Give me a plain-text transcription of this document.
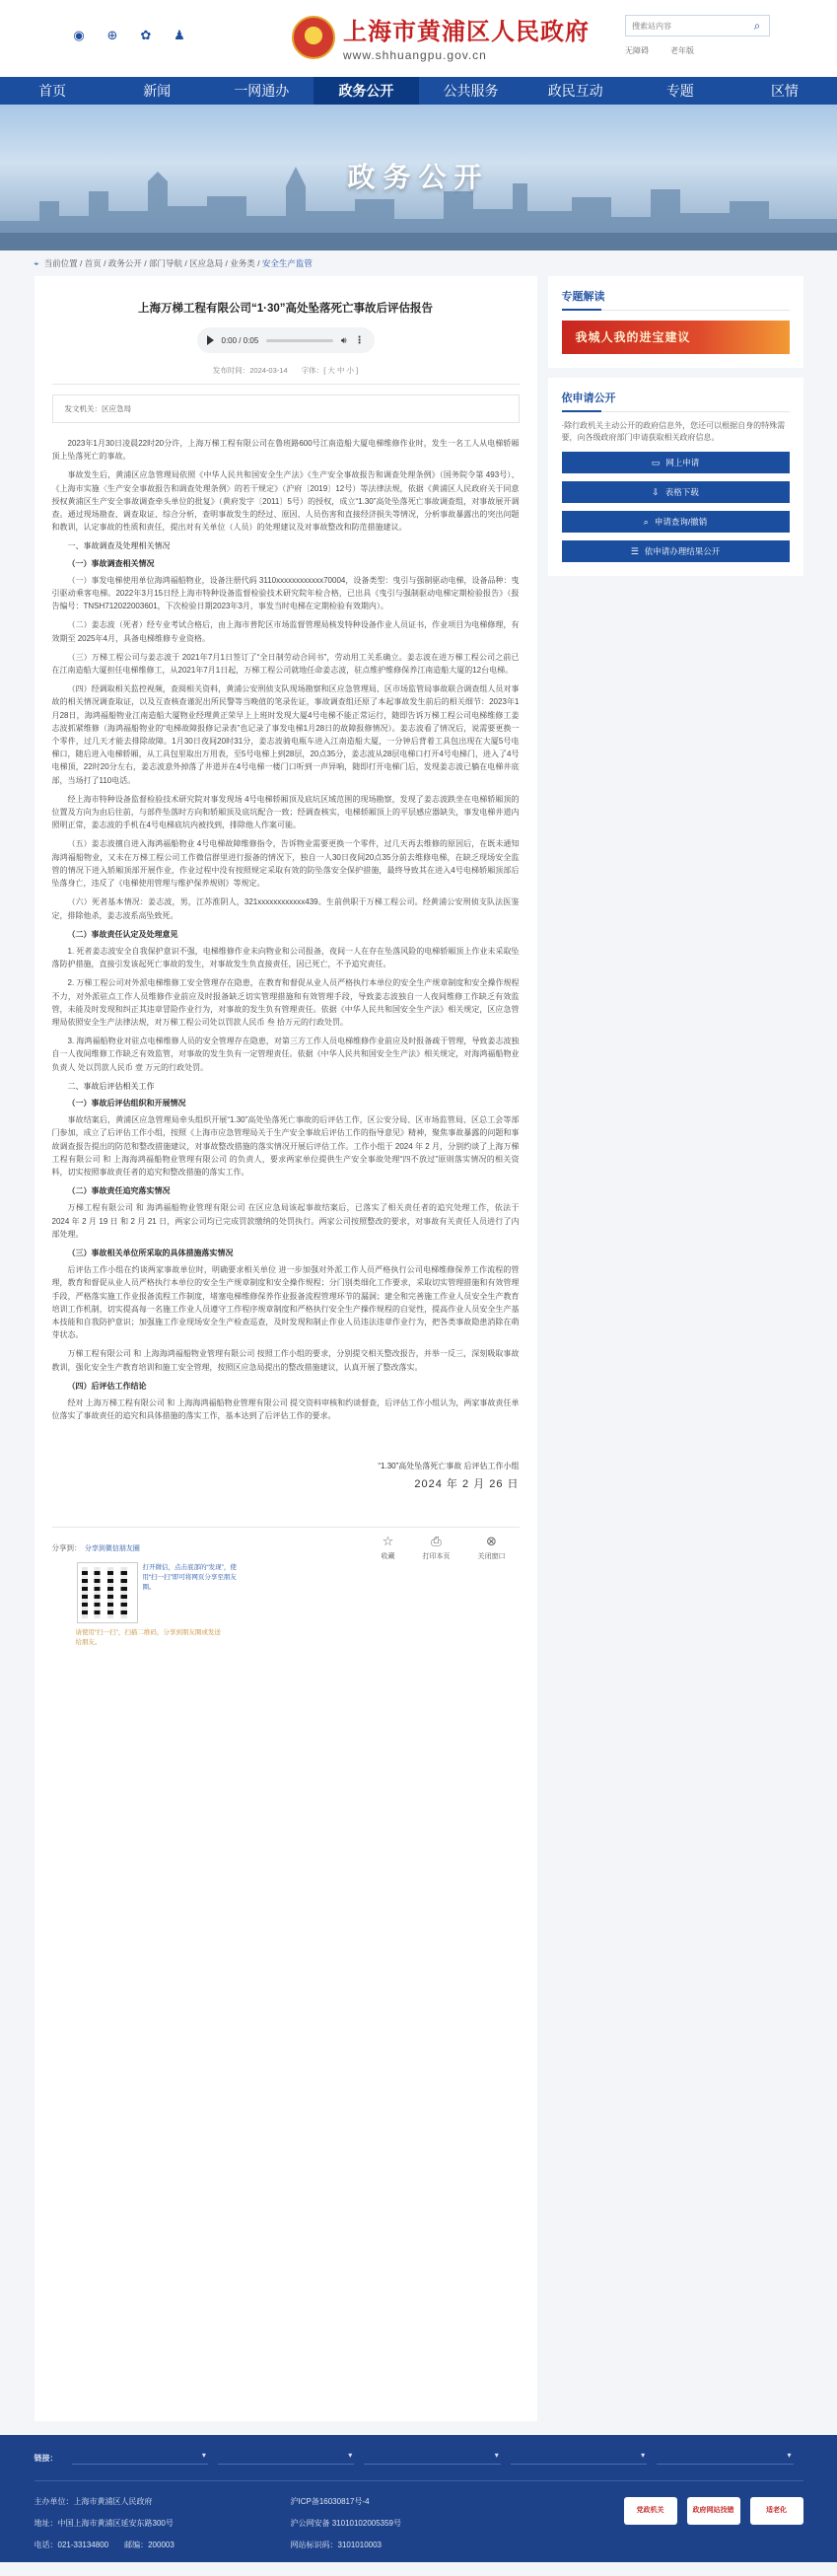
◉ ⊕ ✿ ♟	上海市黄浦区人民政府
www.shhuangpu.gov.cn
搜索站内容
⌕
无障碍	老年版
首页	新闻	一网通办	政务公开	公共服务	政民互动	专题	区情
政务公开
⌖ 当前位置 / 首页 / 政务公开 / 部门导航 / 区应急局 / 业务类 / 安全生产监管
上海万梯工程有限公司“1·30”高处坠落死亡事故后评估报告
0:00 / 0:05	🔊︎ ⋮
发布时间：2024-03-14 字体：[ 大 中 小 ]
发文机关：区应急局

2023年1月30日凌晨22时20分许，上海万梯工程有限公司在鲁班路600号江南造船大厦电梯维修作业时，发生一名工人从电梯轿厢顶上坠落死亡的事故。

事故发生后，黄浦区应急管理局依照《中华人民共和国安全生产法》《生产安全事故报告和调查处理条例》（国务院令第 493号）、《上海市实施〈生产安全事故报告和调查处理条例〉的若干规定》（沪府〔2019〕12号）等法律法规，依据《黄浦区人民政府关于同意授权黄浦区生产安全事故调查牵头单位的批复》（黄府发字〔2011〕5号）的授权，成立“1.30”高处坠落死亡事故调查组，对事故展开调查。通过现场勘查、调查取证、综合分析，查明事故发生的经过、原因、人员伤害和直接经济损失等情况，分析事故暴露出的突出问题和教训，认定事故的性质和责任，提出对有关单位（人员）的处理建议及对事故整改和防范措施建议。

一、事故调查及处理相关情况

（一）事故调查相关情况

（一）事发电梯使用单位海鸿福船物业，设备注册代码 3110xxxxxxxxxxxx70004，设备类型：曳引与强制驱动电梯，设备品种：曳引驱动乘客电梯。2022年3月15日经上海市特种设备监督检验技术研究院年检合格，已出具《曳引与强制驱动电梯定期检验报告》（报告编号：TNSH712022003601，下次检验日期2023年3月，事发当时电梯在定期检验有效期内）。

（二）姜志波（死者）经专业考试合格后，由上海市普陀区市场监督管理局核发特种设备作业人员证书，作业项目为电梯修理，有效期至 2025年4月，具备电梯维修专业资格。

（三）万梯工程公司与姜志波于 2021年7月1日签订了“全日制劳动合同书”，劳动用工关系确立。姜志波在进万梯工程公司之前已在江南造船大厦担任电梯维修工，从2021年7月1日起，万梯工程公司就地任命姜志波，驻点维护维修保养江南造船大厦的12台电梯。

（四）经调取相关监控视频，查阅相关资料，黄浦公安刑侦支队现场勘察和区应急管理局、区市场监管局事故联合调查组人员对事故的相关情况调查取证，以及互查核查谨泥出所民警等当晚值的笔录佐证，事故调查组还原了本起事故发生前后的相关细节：2023年1月28日，海鸿福船物业江南造船大厦物业经理黄正荣早上上班时发现大厦4号电梯不能正常运行，随即告诉万梯工程公司电梯维修工姜志波抓紧维修（海鸿福船物业的“电梯故障报修记录表”也记录了事发电梯1月28日的故障报修情况）。姜志波看了情况后，说需要更换一个零件，过几天才能去排除故障。1月30日夜间20时31分，姜志波骑电瓶车进入江南造船大厦，一分钟后背着工具包出现在大厦5号电梯口，随后进入电梯轿厢，从工具包里取出万用表，至5号电梯上到28层，20点35分，姜志波从28层电梯口打开4号电梯门，进入了4号电梯顶，22时20分左右，姜志波意外掉落了井道并在4号电梯一楼门口听到一声异响，随即打开电梯门后，发现姜志波已躺在电梯井底部，当场打了110电话。

经上海市特种设备监督检验技术研究院对事发现场 4号电梯轿厢顶及底坑区域范围的现场勘察，发现了姜志波跌坐在电梯轿厢顶的位置及方向为由后往前，与部件坠落时方向和轿厢顶及底坑配合一致；经调查核实，电梯轿厢顶上的平层感应器缺失，事发电梯井道内照明正常，姜志波的手机在4号电梯底坑内被找到，排除他人作案可能。

（五）姜志波擅自进入海鸿福船物业 4号电梯故障维修指令，告诉物业需要更换一个零件，过几天再去维修的原因后，在既未通知海鸿福船物业，又未在万梯工程公司工作微信群里进行报备的情况下，独自一人30日夜间20点35分前去维修电梯，在缺乏现场安全监管的情况下进入轿厢顶部开展作业，作业过程中没有按照规定采取有效的防坠落安全保护措施，最终导致其在进入4号电梯轿厢顶部后坠落身亡，违反了《电梯使用管理与维护保养规则》等规定。

（六）死者基本情况：姜志波，男，江苏淮阴人，321xxxxxxxxxxxx439。生前供职于万梯工程公司。经黄浦公安刑侦支队法医鉴定，排除他杀，姜志波系高坠致死。

（二）事故责任认定及处理意见

1. 死者姜志波安全自我保护意识不强，电梯维修作业未向物业和公司报备，夜间一人在存在坠落风险的电梯轿厢顶上作业未采取坠落防护措施，直接引发该起死亡事故的发生，对事故发生负直接责任，因已死亡，不予追究责任。

2. 万梯工程公司对外派电梯维修工安全管理存在隐患，在教育和督促从业人员严格执行本单位的安全生产规章制度和安全操作规程不力，对外派驻点工作人员维修作业前应及时报备缺乏切实管理措施和有效管理手段，导致姜志波独自一人夜间维修工作缺乏有效监管，未能及时发现和纠正其违章冒险作业行为，对事故的发生负有管理责任。依据《中华人民共和国安全生产法》相关规定，区应急管理局依照安全生产法律法规，对万梯工程公司处以罚款人民币 叁 拾万元的行政处罚。

3. 海鸿福船物业对驻点电梯维修人员的安全管理存在隐患，对第三方工作人员电梯维修作业前应及时报备疏于管理，导致姜志波独自一人夜间维修工作缺乏有效监管，对事故的发生负有一定管理责任。依据《中华人民共和国安全生产法》相关规定，对海鸿福船物业 负责人 处以罚款人民币 壹 万元的行政处罚。

二、事故后评估相关工作

（一）事故后评估组织和开展情况

事故结案后，黄浦区应急管理局牵头组织开展“1.30”高处坠落死亡事故的后评估工作，区公安分局、区市场监管局、区总工会等部门参加，成立了后评估工作小组，按照《上海市应急管理局关于生产安全事故后评估工作的指导意见》精神，聚焦事故暴露的问题和事故调查报告提出的防范和整改措施建议，对事故整改措施的落实情况开展后评估工作。工作小组于 2024 年 2 月，分别约谈了上海万梯工程有限公司 和 上海海鸿福船物业管理有限公司 的负责人，要求两家单位提供生产安全事故处理“四不放过”原则落实情况的相关资料，切实按照事故责任者的追究和整改措施的落实工作。

（二）事故责任追究落实情况

万梯工程有限公司 和 海鸿福船物业管理有限公司 在区应急局该起事故结案后，已落实了相关责任者的追究处理工作，依法于 2024 年 2 月 19 日 和 2 月 21 日，两家公司均已完成罚款缴纳的处罚执行。两家公司按照整改的要求，对事故有关责任人员进行了内部处理。

（三）事故相关单位所采取的具体措施落实情况

后评估工作小组在约谈两家事故单位时，明确要求相关单位 进一步加强对外派工作人员严格执行公司电梯维修保养工作流程的管理，教育和督促从业人员严格执行本单位的安全生产规章制度和安全操作规程；分门别类细化工作要求，采取切实管理措施和有效管理手段，严格落实施工作业报备流程工作制度，堵塞电梯维修保养作业报备流程管理环节的漏洞；建全和完善施工作业人员安全生产教育培训工作机制，切实提高每一名施工作业人员遵守工作程序规章制度和严格执行安全生产操作规程的自觉性，提高作业人员安全生产基本技能和自我防护意识；加强施工作业现场安全生产检查巡查，及时发现和制止作业人员违法违章作业行为，把各类事故隐患消除在萌芽状态。

万梯工程有限公司 和 上海海鸿福船物业管理有限公司 按照工作小组的要求，分别提交相关整改报告，并举一反三，深刻吸取事故教训，强化安全生产教育培训和施工安全管理，按照区应急局提出的整改措施建议，认真开展了整改落实。

（四）后评估工作结论

经对 上海万梯工程有限公司 和 上海海鸿福船物业管理有限公司 提交资料审核和约谈督查，后评估工作小组认为，两家事故责任单位落实了事故责任的追究和具体措施的落实工作，基本达到了后评估工作的要求。

“1.30”高处坠落死亡事故 后评估工作小组
2024 年 2 月 26 日
分享到： 分享到微信朋友圈
打开微信，点击底部的“发现”，使用“扫一扫”即可将网页分享至朋友圈。
请使用“扫一扫”，扫描二维码，分享到朋友圈或发送给朋友。
☆
收藏
⎙
打印本页
⊗
关闭窗口
专题解读
我城人我的进宝建议
依申请公开
·除行政机关主动公开的政府信息外，您还可以根据自身的特殊需要，向各级政府部门申请获取相关政府信息。
▭ 网上申请
⇩ 表格下载
⌕ 申请查询/撤销
☰ 依申请办理结果公开
链接：
▾
▾
▾
▾
▾
主办单位：上海市黄浦区人民政府	沪ICP备16030817号-4
地址：中国上海市黄浦区延安东路300号	沪公网安备 31010102005359号
电话：021-33134800　　 邮编：200003	网站标识码：3101010003
党政机关	政府网站找错	适老化
